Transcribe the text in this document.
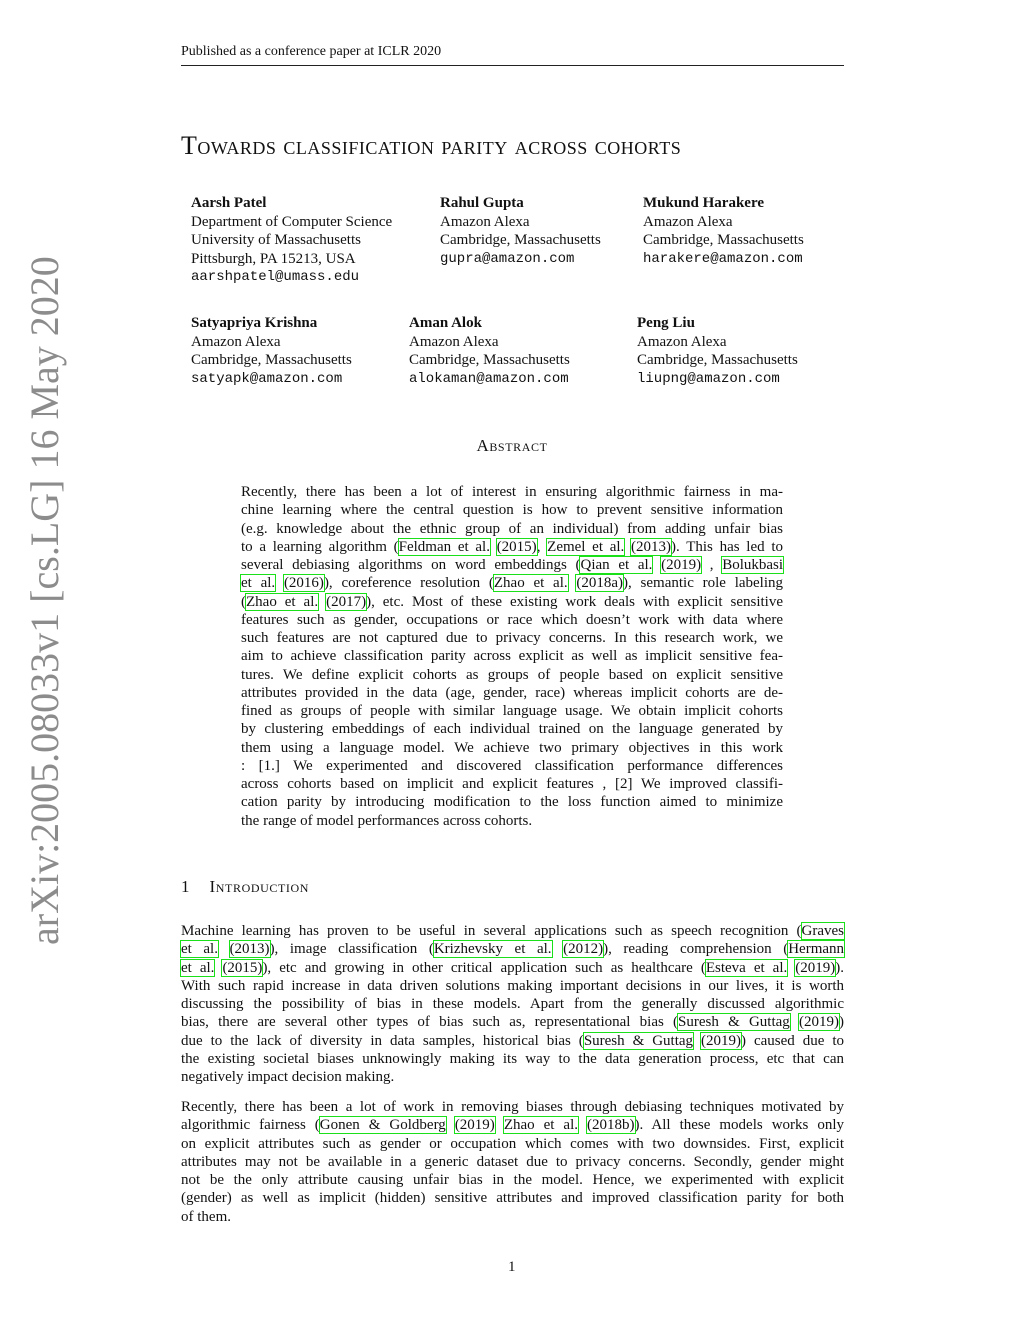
Published as a conference paper at ICLR 2020
arXiv:2005.08033v1 [cs.LG] 16 May 2020
Towards classification parity across cohorts
Aarsh Patel
Department of Computer Science
University of Massachusetts
Pittsburgh, PA 15213, USA
aarshpatel@umass.edu
Rahul Gupta
Amazon Alexa
Cambridge, Massachusetts
gupra@amazon.com
Mukund Harakere
Amazon Alexa
Cambridge, Massachusetts
harakere@amazon.com
Satyapriya Krishna
Amazon Alexa
Cambridge, Massachusetts
satyapk@amazon.com
Aman Alok
Amazon Alexa
Cambridge, Massachusetts
alokaman@amazon.com
Peng Liu
Amazon Alexa
Cambridge, Massachusetts
liupng@amazon.com
Abstract
Recently, there has been a lot of interest in ensuring algorithmic fairness in ma-
chine learning where the central question is how to prevent sensitive information
(e.g. knowledge about the ethnic group of an individual) from adding unfair bias
to a learning algorithm (Feldman et al. (2015), Zemel et al. (2013)). This has led to
several debiasing algorithms on word embeddings (Qian et al. (2019) , Bolukbasi
et al. (2016)), coreference resolution (Zhao et al. (2018a)), semantic role labeling
(Zhao et al. (2017)), etc. Most of these existing work deals with explicit sensitive
features such as gender, occupations or race which doesn’t work with data where
such features are not captured due to privacy concerns. In this research work, we
aim to achieve classification parity across explicit as well as implicit sensitive fea-
tures. We define explicit cohorts as groups of people based on explicit sensitive
attributes provided in the data (age, gender, race) whereas implicit cohorts are de-
fined as groups of people with similar language usage. We obtain implicit cohorts
by clustering embeddings of each individual trained on the language generated by
them using a language model. We achieve two primary objectives in this work
: [1.] We experimented and discovered classification performance differences
across cohorts based on implicit and explicit features , [2] We improved classifi-
cation parity by introducing modification to the loss function aimed to minimize
the range of model performances across cohorts.
1 Introduction
Machine learning has proven to be useful in several applications such as speech recognition (Graves
et al. (2013)), image classification (Krizhevsky et al. (2012)), reading comprehension (Hermann
et al. (2015)), etc and growing in other critical application such as healthcare (Esteva et al. (2019)).
With such rapid increase in data driven solutions making important decisions in our lives, it is worth
discussing the possibility of bias in these models. Apart from the generally discussed algorithmic
bias, there are several other types of bias such as, representational bias (Suresh & Guttag (2019))
due to the lack of diversity in data samples, historical bias (Suresh & Guttag (2019)) caused due to
the existing societal biases unknowingly making its way to the data generation process, etc that can
negatively impact decision making.
Recently, there has been a lot of work in removing biases through debiasing techniques motivated by
algorithmic fairness (Gonen & Goldberg (2019) Zhao et al. (2018b)). All these models works only
on explicit attributes such as gender or occupation which comes with two downsides. First, explicit
attributes may not be available in a generic dataset due to privacy concerns. Secondly, gender might
not be the only attribute causing unfair bias in the model. Hence, we experimented with explicit
(gender) as well as implicit (hidden) sensitive attributes and improved classification parity for both
of them.
1
